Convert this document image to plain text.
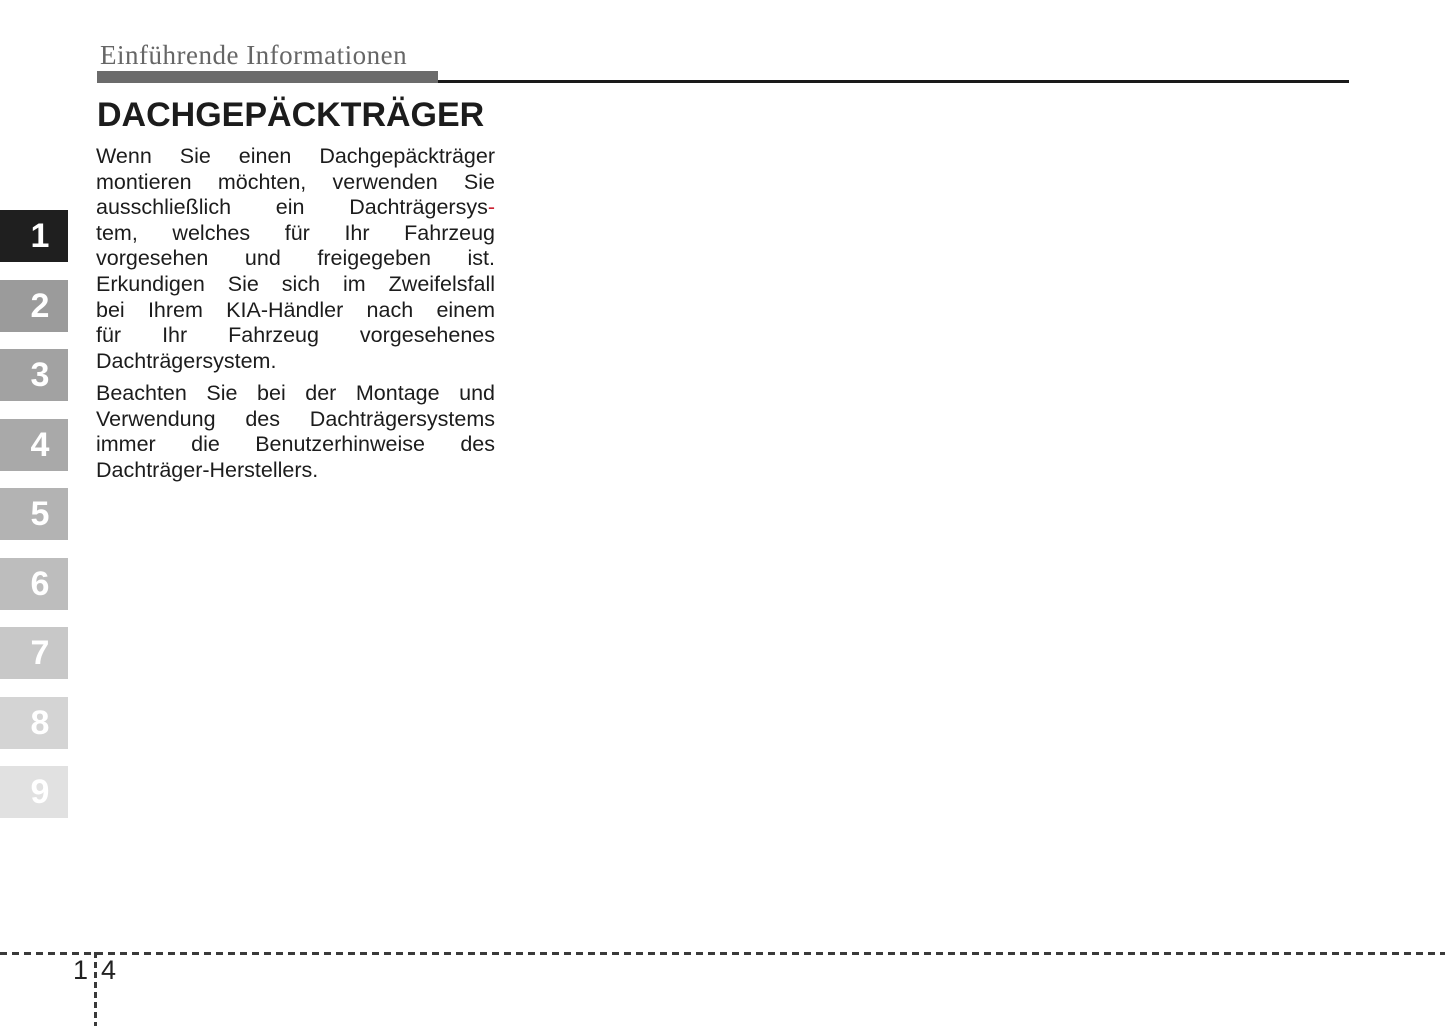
Einführende Informationen
1
2
3
4
5
6
7
8
9
DACHGEPÄCKTRÄGER
Wenn Sie einen Dachgepäckträger
montieren möchten, verwenden Sie
ausschließlich ein Dachträgersys-
tem, welches für Ihr Fahrzeug
vorgesehen und freigegeben ist.
Erkundigen Sie sich im Zweifelsfall
bei Ihrem KIA-Händler nach einem
für Ihr Fahrzeug vorgesehenes
Dachträgersystem.
Beachten Sie bei der Montage und
Verwendung des Dachträgersystems
immer die Benutzerhinweise des
Dachträger-Herstellers.
1 4
